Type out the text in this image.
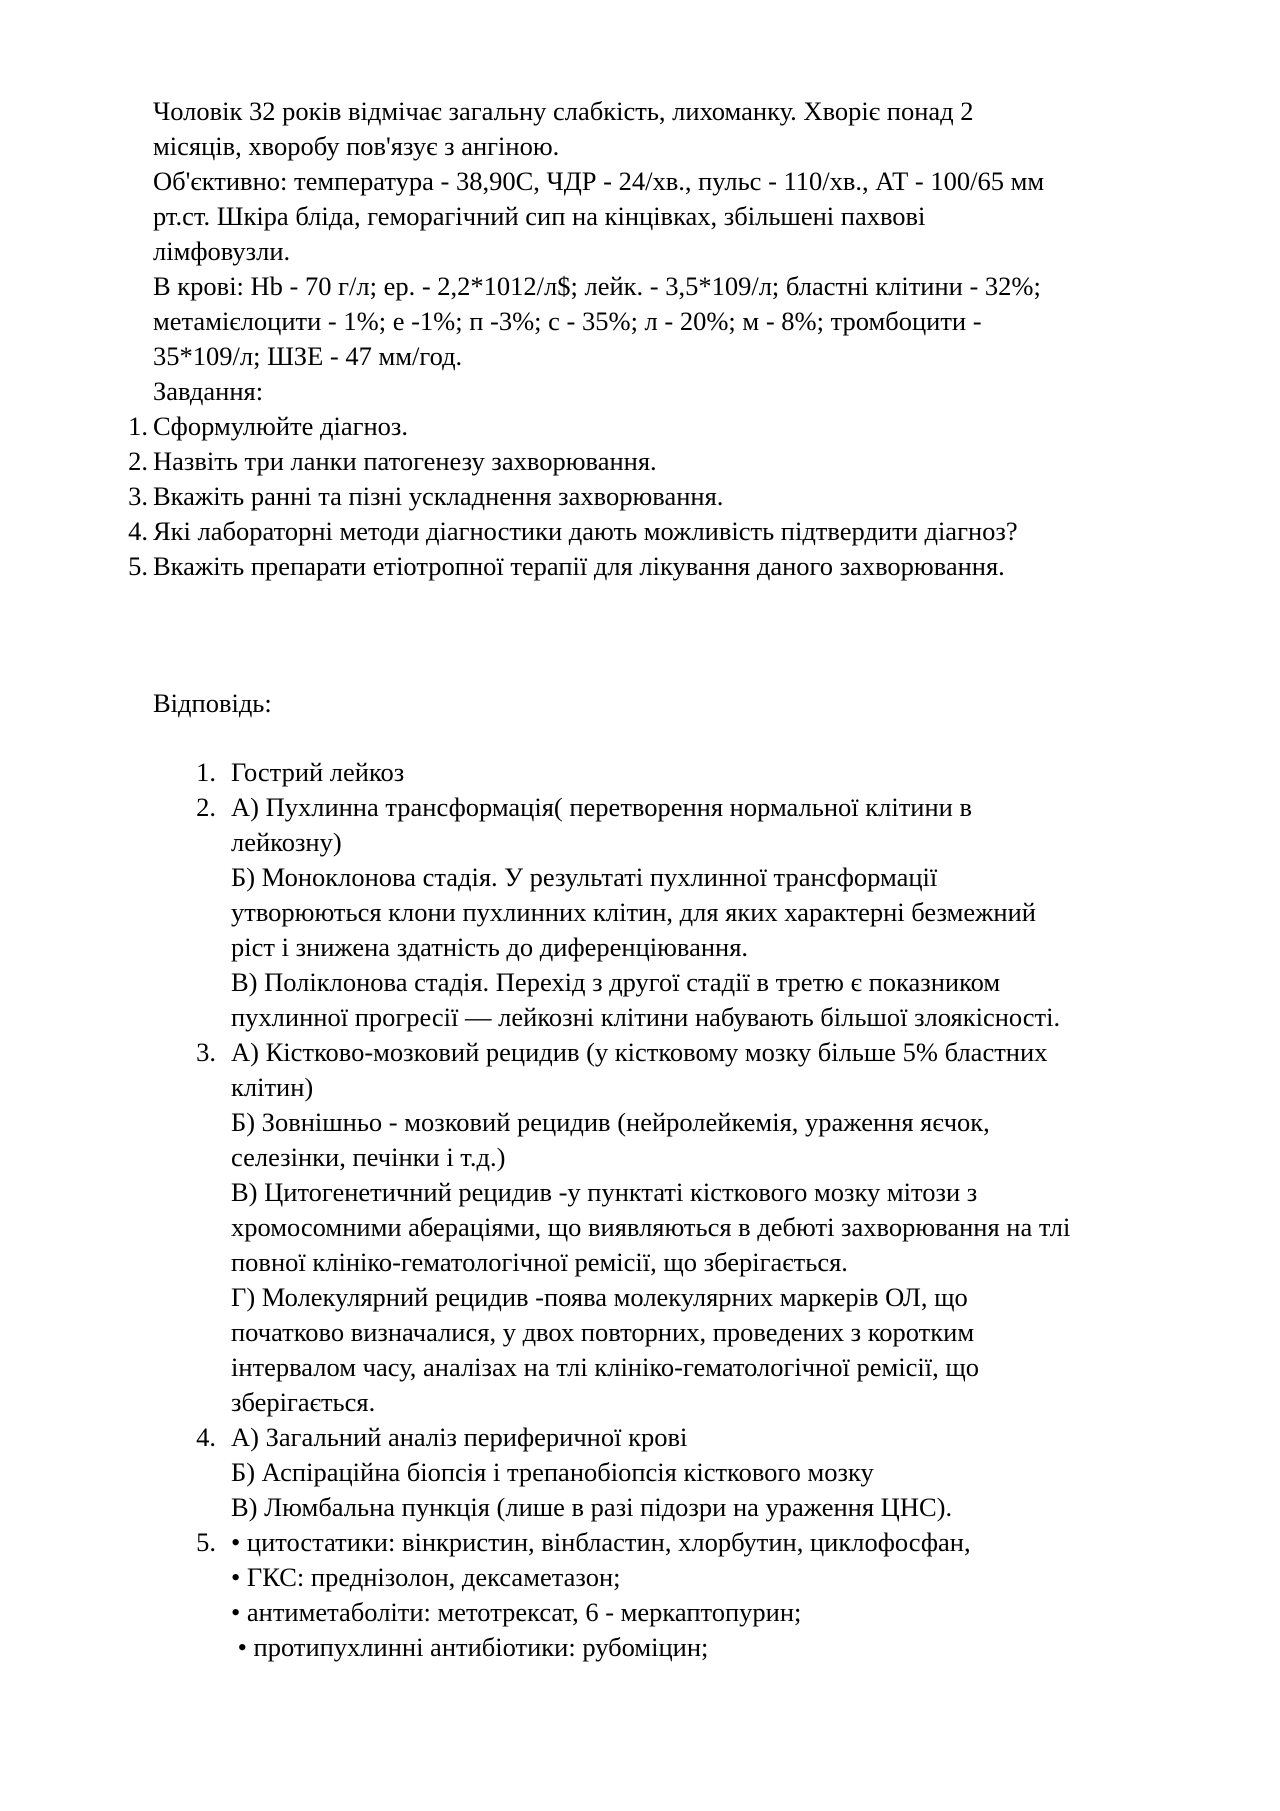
Чоловік 32 років відмічає загальну слабкість, лихоманку. Хворіє понад 2
місяців, хворобу пов'язує з ангіною.
Об'єктивно: температура - 38,90С, ЧДР - 24/хв., пульс - 110/хв., АТ - 100/65 мм
рт.ст. Шкіра бліда, геморагічний сип на кінцівках, збільшені пахвові
лімфовузли.
В крові: Hb - 70 г/л; ер. - 2,2*1012/л$; лейк. - 3,5*109/л; бластні клітини - 32%;
метамієлоцити - 1%; е -1%; п -3%; с - 35%; л - 20%; м - 8%; тромбоцити -
35*109/л; ШЗЕ - 47 мм/год.
Завдання:
1. Сформулюйте діагноз.
2. Назвіть три ланки патогенезу захворювання.
3. Вкажіть ранні та пізні ускладнення захворювання.
4. Які лабораторні методи діагностики дають можливість підтвердити діагноз?
5. Вкажіть препарати етіотропної терапії для лікування даного захворювання.
Відповідь:
1. Гострий лейкоз
2. А) Пухлинна трансформація( перетворення нормальної клітини в
лейкозну)
Б) Моноклонова стадія. У результаті пухлинної трансформації
утворюються клони пухлинних клітин, для яких характерні безмежний
ріст і знижена здатність до диференціювання.
В) Поліклонова стадія. Перехід з другої стадії в третю є показником
пухлинної прогресії — лейкозні клітини набувають більшої злоякісності.
3. А) Кістково-мозковий рецидив (у кістковому мозку більше 5% бластних
клітин)
Б) Зовнішньо - мозковий рецидив (нейролейкемія, ураження яєчок,
селезінки, печінки і т.д.)
В) Цитогенетичний рецидив -у пунктаті кісткового мозку мітози з
хромосомними абераціями, що виявляються в дебюті захворювання на тлі
повної клініко-гематологічної ремісії, що зберігається.
Г) Молекулярний рецидив -поява молекулярних маркерів ОЛ, що
початково визначалися, у двох повторних, проведених з коротким
інтервалом часу, аналізах на тлі клініко-гематологічної ремісії, що
зберігається.
4. А) Загальний аналіз периферичної крові
Б) Аспіраційна біопсія і трепанобіопсія кісткового мозку
В) Люмбальна пункція (лише в разі підозри на ураження ЦНС).
5. • цитостатики: вінкристин, вінбластин, хлорбутин, циклофосфан,
• ГКС: преднізолон, дексаметазон;
• антиметаболіти: метотрексат, 6 - меркаптопурин;
• протипухлинні антибіотики: рубоміцин;
